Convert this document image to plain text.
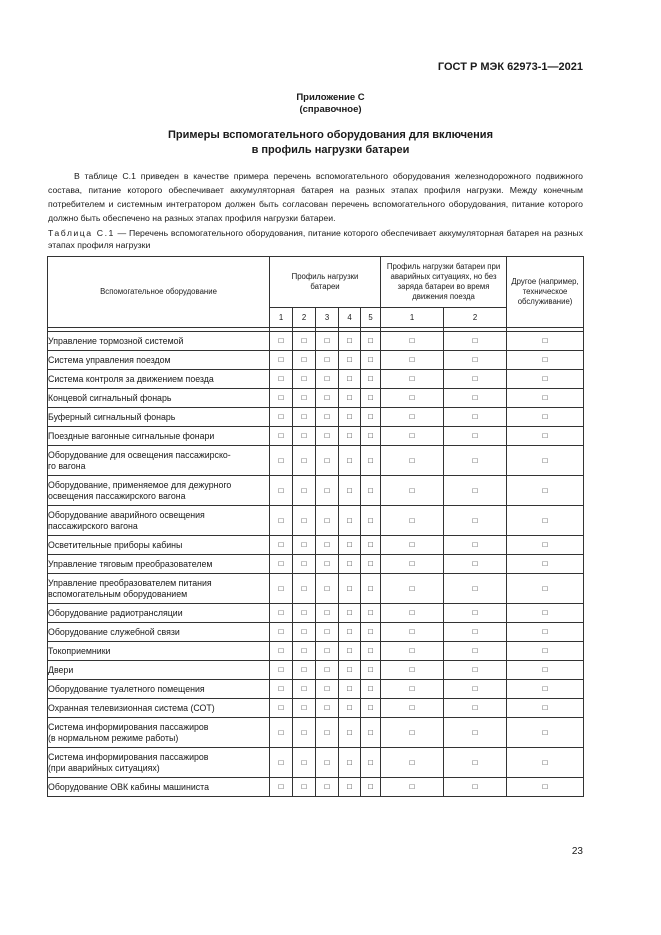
ГОСТ Р МЭК 62973-1—2021
Приложение С
(справочное)
Примеры вспомогательного оборудования для включения
в профиль нагрузки батареи

В таблице С.1 приведен в качестве примера перечень вспомогательного оборудования железнодорожного подвижного состава, питание которого обеспечивает аккумуляторная батарея на разных этапах профиля нагрузки. Между конечным потребителем и системным интегратором должен быть согласован перечень вспомогательного оборудования, питание которого должно быть обеспечено на разных этапах профиля нагрузки батареи.

Таблица С.1 — Перечень вспомогательного оборудования, питание которого обеспечивает аккумуляторная батарея на разных этапах профиля нагрузки

Вспомогательное оборудование	Профиль нагрузки батареи					Профиль нагрузки батареи при аварийных ситуациях, но без заряда батареи во время движения поезда		Другое (например, техническое обслуживание)
	1	2	3	4	5	1	2	

Управление тормозной системой	□	□	□	□	□	□	□	□
Система управления поездом	□	□	□	□	□	□	□	□
Система контроля за движением поезда	□	□	□	□	□	□	□	□
Концевой сигнальный фонарь	□	□	□	□	□	□	□	□
Буферный сигнальный фонарь	□	□	□	□	□	□	□	□
Поездные вагонные сигнальные фонари	□	□	□	□	□	□	□	□
Оборудование для освещения пассажирско-
го вагона	□	□	□	□	□	□	□	□
Оборудование, применяемое для дежурного
освещения пассажирского вагона	□	□	□	□	□	□	□	□
Оборудование аварийного освещения
пассажирского вагона	□	□	□	□	□	□	□	□
Осветительные приборы кабины	□	□	□	□	□	□	□	□
Управление тяговым преобразователем	□	□	□	□	□	□	□	□
Управление преобразователем питания
вспомогательным оборудованием	□	□	□	□	□	□	□	□
Оборудование радиотрансляции	□	□	□	□	□	□	□	□
Оборудование служебной связи	□	□	□	□	□	□	□	□
Токоприемники	□	□	□	□	□	□	□	□
Двери	□	□	□	□	□	□	□	□
Оборудование туалетного помещения	□	□	□	□	□	□	□	□
Охранная телевизионная система (СОТ)	□	□	□	□	□	□	□	□
Система информирования пассажиров
(в нормальном режиме работы)	□	□	□	□	□	□	□	□
Система информирования пассажиров
(при аварийных ситуациях)	□	□	□	□	□	□	□	□
Оборудование ОВК кабины машиниста	□	□	□	□	□	□	□	□
23
